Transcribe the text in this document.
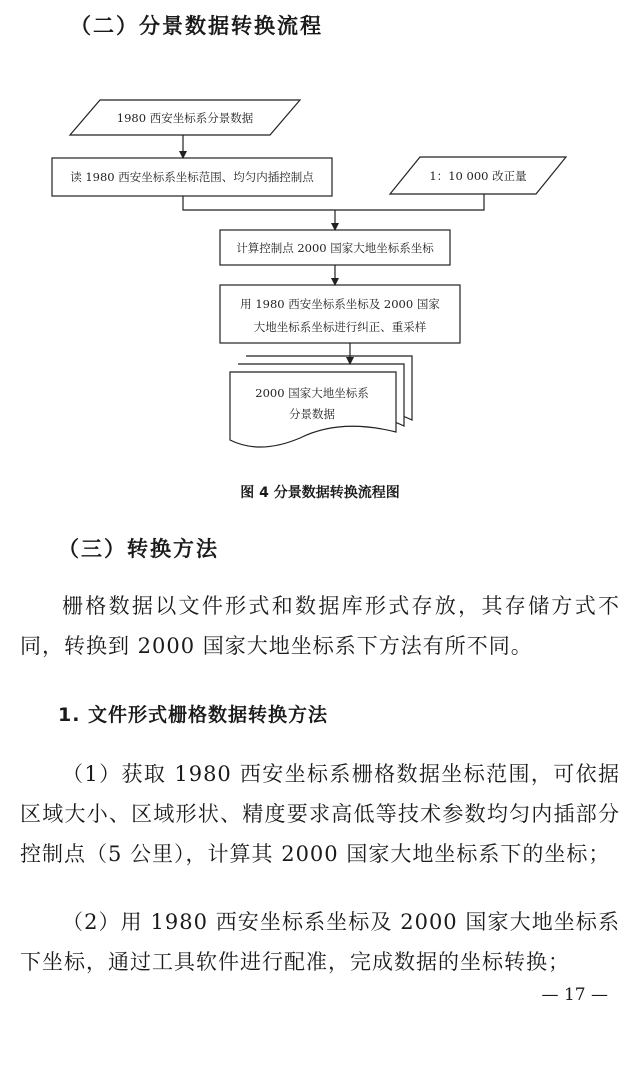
（二）分景数据转换流程
1980 西安坐标系分景数据
读 1980 西安坐标系坐标范围、均匀内插控制点	1：10 000 改正量
计算控制点 2000 国家大地坐标系坐标
用 1980 西安坐标系坐标及 2000 国家
大地坐标系坐标进行纠正、重采样
2000 国家大地坐标系
分景数据
图 4 分景数据转换流程图
（三）转换方法
栅格数据以文件形式和数据库形式存放，其存储方式不同，转换到 2000 国家大地坐标系下方法有所不同。
1. 文件形式栅格数据转换方法
（1）获取 1980 西安坐标系栅格数据坐标范围，可依据区域大小、区域形状、精度要求高低等技术参数均匀内插部分控制点（5 公里），计算其 2000 国家大地坐标系下的坐标；
（2）用 1980 西安坐标系坐标及 2000 国家大地坐标系下坐标，通过工具软件进行配准，完成数据的坐标转换；
— 17 —
